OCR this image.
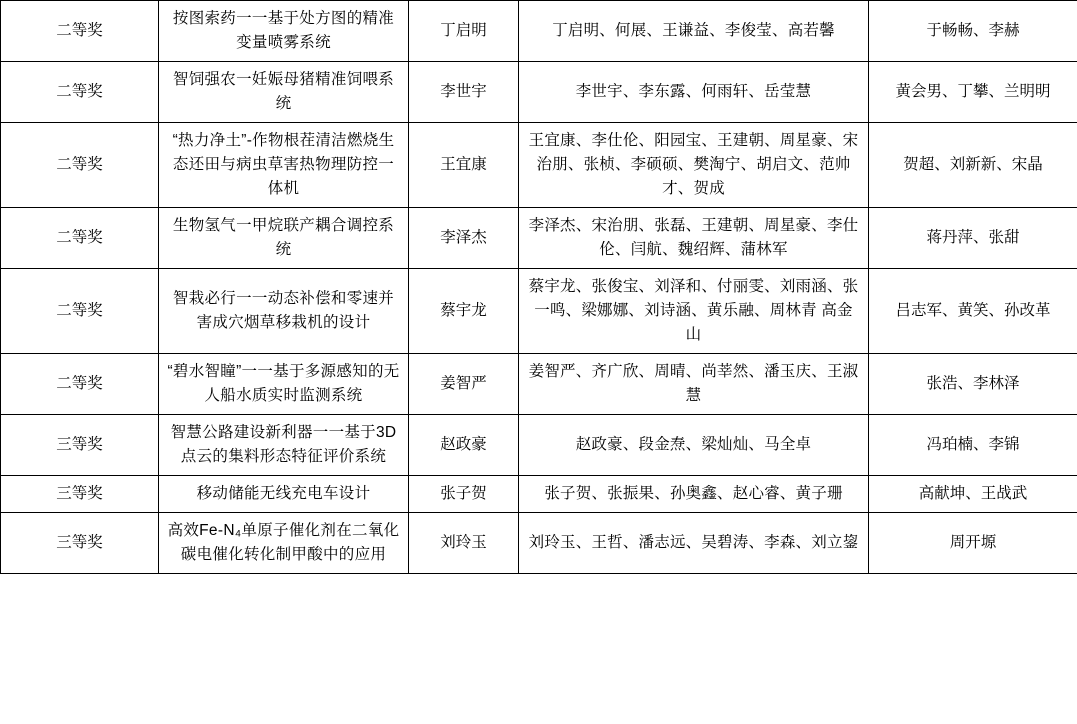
二等奖	按图索药一一基于处方图的精准变量喷雾系统	丁启明	丁启明、何展、王谦益、李俊莹、高若馨	于畅畅、李赫
二等奖	智饲强农一妊娠母猪精准饲喂系统	李世宇	李世宇、李东露、何雨轩、岳莹慧	黄会男、丁攀、兰明明
二等奖	“热力净土”-作物根茬清洁燃烧生态还田与病虫草害热物理防控一体机	王宜康	王宜康、李仕伦、阳园宝、王建朝、周星豪、宋治朋、张桢、李硕硕、樊淘宁、胡启文、范帅才、贺成	贺超、刘新新、宋晶
二等奖	生物氢气一甲烷联产耦合调控系统	李泽杰	李泽杰、宋治朋、张磊、王建朝、周星豪、李仕伦、闫航、魏绍辉、蒲林军	蒋丹萍、张甜
二等奖	智栽必行一一动态补偿和零速并害成穴烟草移栽机的设计	蔡宇龙	蔡宇龙、张俊宝、刘泽和、付丽雯、刘雨涵、张一鸣、梁娜娜、刘诗涵、黄乐融、周林青 高金山	吕志军、黄笑、孙改革
二等奖	“碧水智瞳”一一基于多源感知的无人船水质实时监测系统	姜智严	姜智严、齐广欣、周晴、尚莘然、潘玉庆、王淑慧	张浩、李林泽
三等奖	智慧公路建设新利器一一基于3D点云的集料形态特征评价系统	赵政豪	赵政豪、段金焘、梁灿灿、马全卓	冯珀楠、李锦
三等奖	移动储能无线充电车设计	张子贺	张子贺、张振果、孙奥鑫、赵心睿、黄子珊	高献坤、王战武
三等奖	高效Fe-N₄单原子催化剂在二氧化碳电催化转化制甲酸中的应用	刘玲玉	刘玲玉、王哲、潘志远、吴碧涛、李森、刘立鋆	周开塬
